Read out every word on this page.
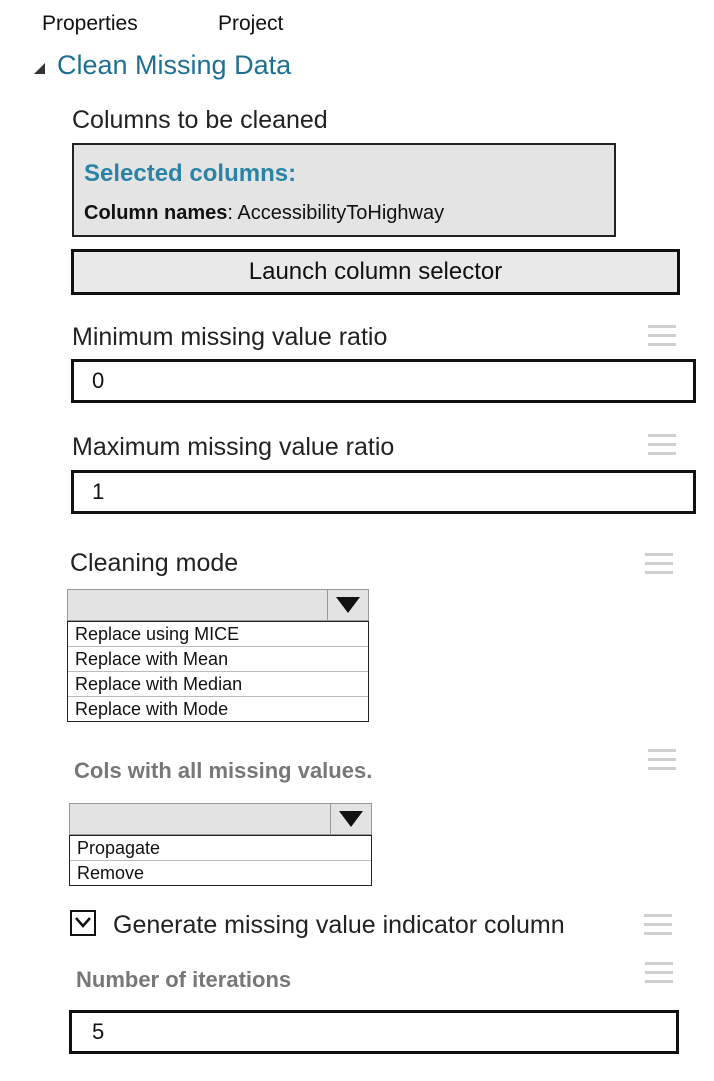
Properties	Project
Clean Missing Data
Columns to be cleaned
Selected columns:
Column names: AccessibilityToHighway
Launch column selector
Minimum missing value ratio
0
Maximum missing value ratio
1
Cleaning mode
Replace using MICE
Replace with Mean
Replace with Median
Replace with Mode
Cols with all missing values.
Propagate
Remove
Generate missing value indicator column
Number of iterations
5
